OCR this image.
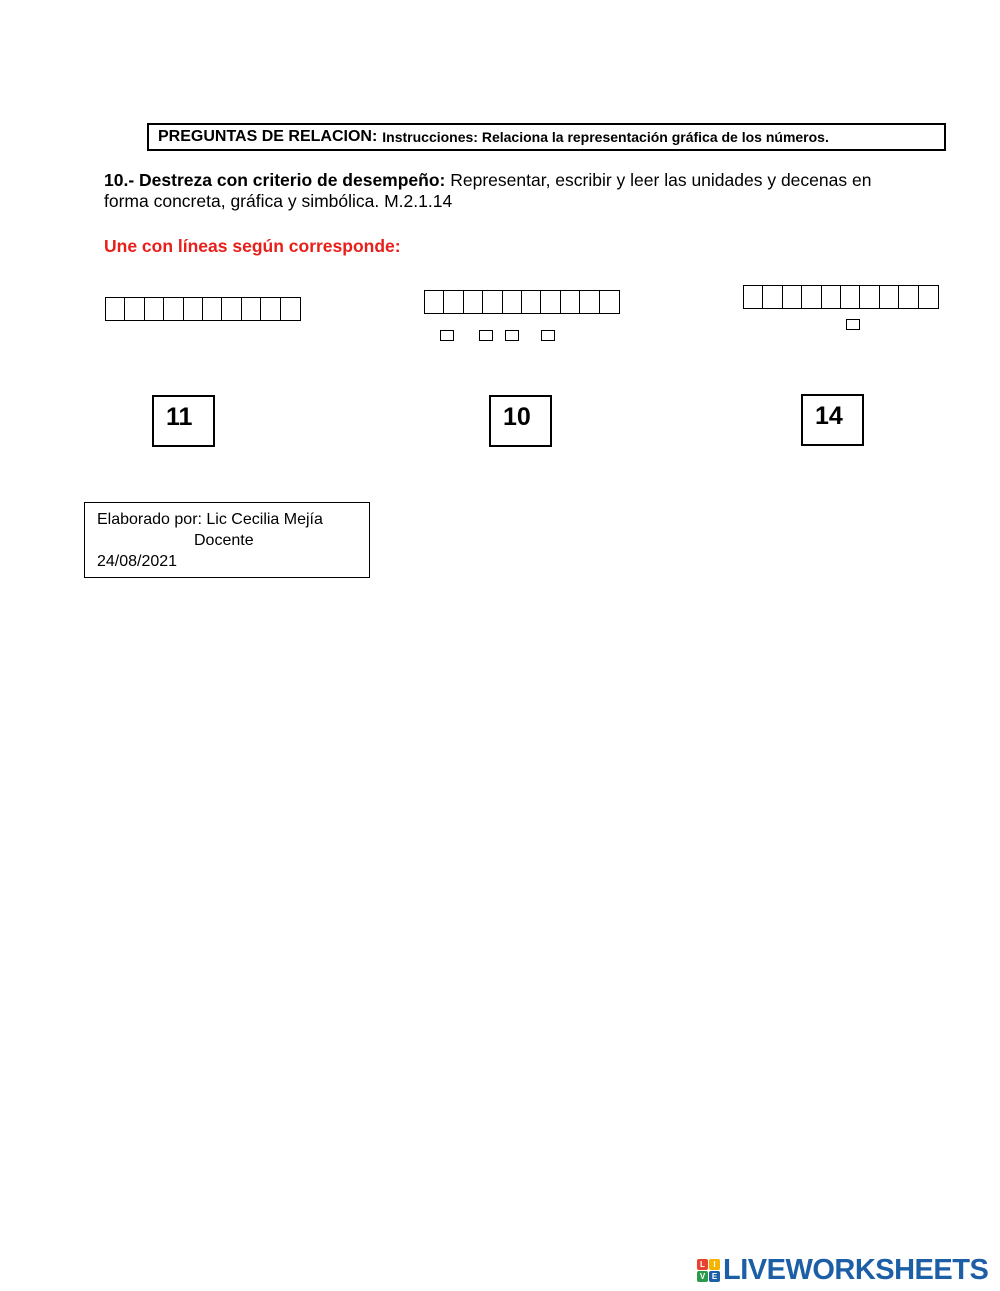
PREGUNTAS DE RELACION: Instrucciones: Relaciona la representación gráfica de los números.
10.- Destreza con criterio de desempeño: Representar, escribir y leer las unidades y decenas en forma concreta, gráfica y simbólica. M.2.1.14
Une con líneas según corresponde:
11	10	14
Elaborado por: Lic Cecilia Mejía
Docente
24/08/2021
L	I
V E LIVEWORKSHEETS
